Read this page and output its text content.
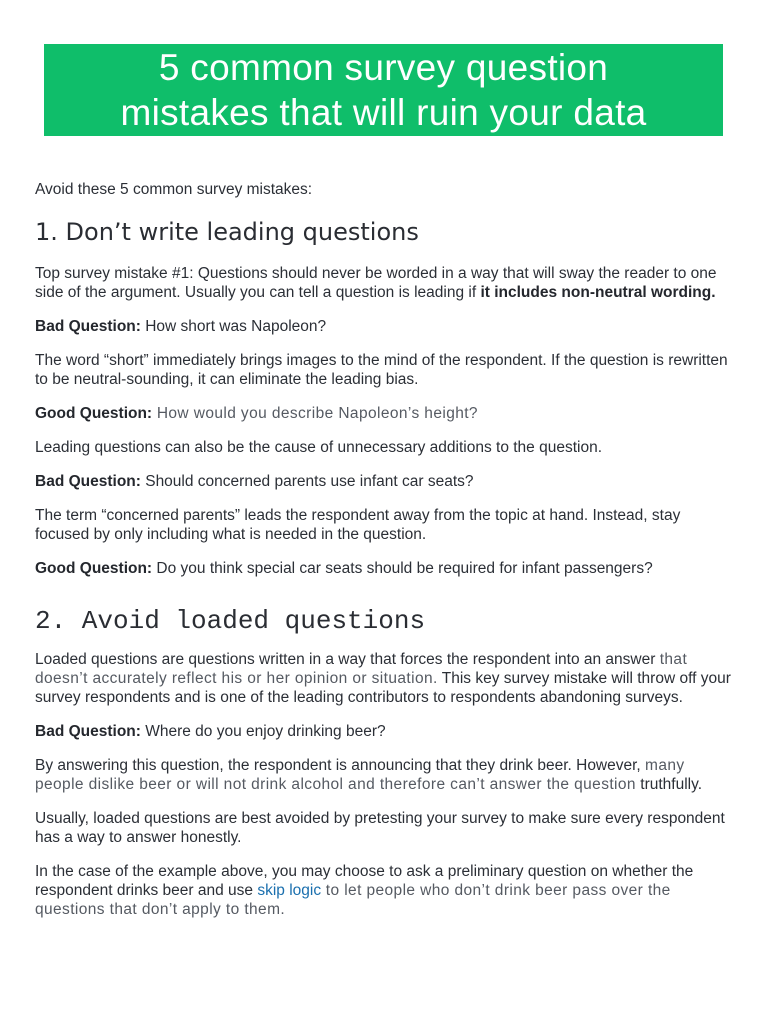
5 common survey question
mistakes that will ruin your data

Avoid these 5 common survey mistakes:

1. Don’t write leading questions

Top survey mistake #1: Questions should never be worded in a way that will sway the reader to one side of the argument. Usually you can tell a question is leading if it includes non-neutral wording.

Bad Question: How short was Napoleon?

The word “short” immediately brings images to the mind of the respondent. If the question is rewritten to be neutral-sounding, it can eliminate the leading bias.

Good Question: How would you describe Napoleon’s height?

Leading questions can also be the cause of unnecessary additions to the question.

Bad Question: Should concerned parents use infant car seats?

The term “concerned parents” leads the respondent away from the topic at hand. Instead, stay focused by only including what is needed in the question.

Good Question: Do you think special car seats should be required for infant passengers?

2. Avoid loaded questions

Loaded questions are questions written in a way that forces the respondent into an answer that doesn’t accurately reflect his or her opinion or situation. This key survey mistake will throw off your survey respondents and is one of the leading contributors to respondents abandoning surveys.

Bad Question: Where do you enjoy drinking beer?

By answering this question, the respondent is announcing that they drink beer. However, many people dislike beer or will not drink alcohol and therefore can’t answer the question truthfully.

Usually, loaded questions are best avoided by pretesting your survey to make sure every respondent has a way to answer honestly.

In the case of the example above, you may choose to ask a preliminary question on whether the respondent drinks beer and use skip logic to let people who don’t drink beer pass over the questions that don’t apply to them.
